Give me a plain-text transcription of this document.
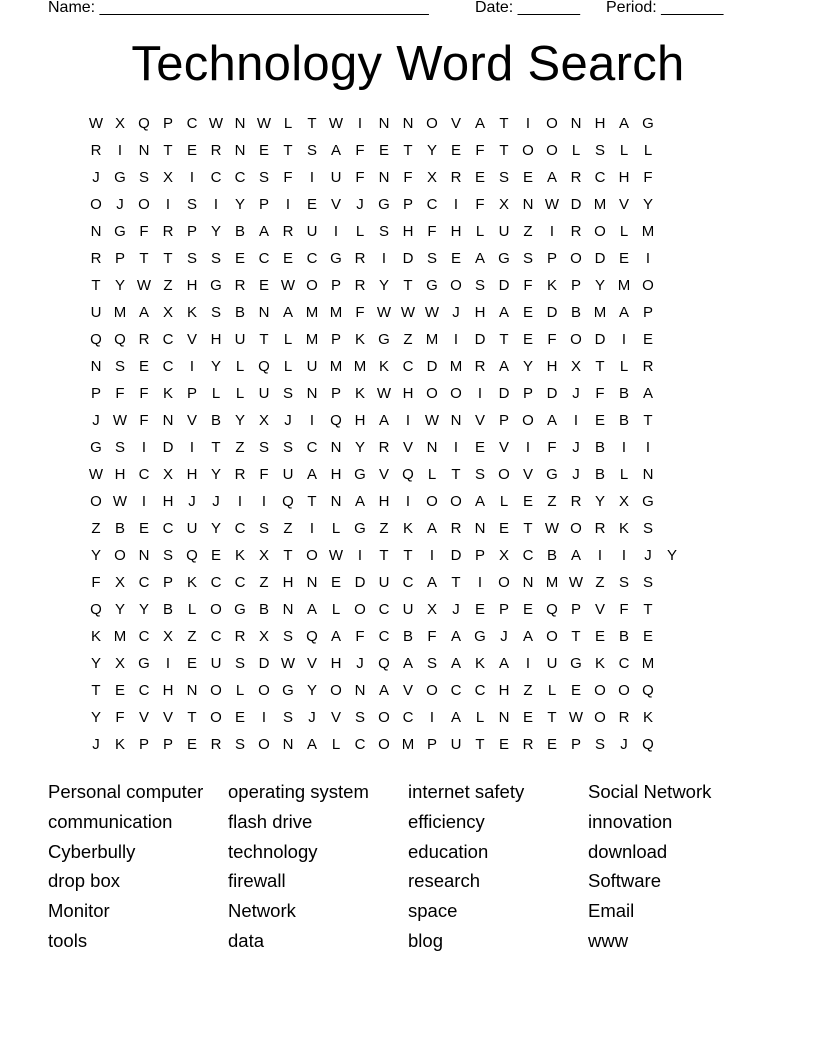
Name: _____________________________________	Date: _______ Period: _______
Technology Word Search
W X Q P C W N W L	T W I	N N O V A T	I	O N H A G
R	I	N T E R N E T S A F E T Y E F T O O L S L	L
J G S X	I	C C S F	I	U F N F X R E S E A R C H F
O J O	I	S	I	Y P	I	E V	J G P C	I	F X N W D M V Y
N G F R P Y B A R U	I	L S H F H L U Z	I	R O L M
R P T T S S E C E C G R	I	D S E A G S P O D E	I
T Y W Z H G R E W O P R Y T G O S D F K P Y M O
U M A X K S B N A M M F W W W J H A E D B M A P
Q Q R C V H U T	L M P K G Z M	I	D T E F O D	I	E
N S E C	I	Y L Q L U M M K C D M R A Y H X T	L R
P F F K P L	L U S N P K W H O O	I	D P D J	F B A
J W F N V B Y X	J	I	Q H A	I W N V P O A	I	E B T
G S	I	D	I	T Z S S C N Y R V N	I	E V	I	F	J	B	I	I
W H C X H Y R F U A H G V Q L	T S O V G J	B L N
O W I	H J	J	I	I	Q T N A H	I	O O A L E Z R Y X G
Z B E C U Y C S Z	I	L G Z K A R N E T W O R K S
Y O N S Q E K X T O W I	T T	I	D P X C B A	I	I	J	Y
F X C P K C C Z H N E D U C A T	I	O N M W Z S S
Q Y Y B L O G B N A L O C U X	J	E P E Q P V F T
K M C X Z C R X S Q A F C B F A G J	A O T E B E
Y X G	I	E U S D W V H J Q A S A K A	I	U G K C M
T E C H N O L O G Y O N A V O C C H Z	L E O O Q
Y F V V T O E	I	S	J	V S O C	I	A L N E T W O R K
J	K P P E R S O N A L C O M P U T E R E P S	J Q
Personal computer	operating system	internet safety	Social Network
communication	flash drive	efficiency	innovation
Cyberbully	technology	education	download
drop box	firewall	research	Software
Monitor	Network	space	Email
tools	data	blog	www
